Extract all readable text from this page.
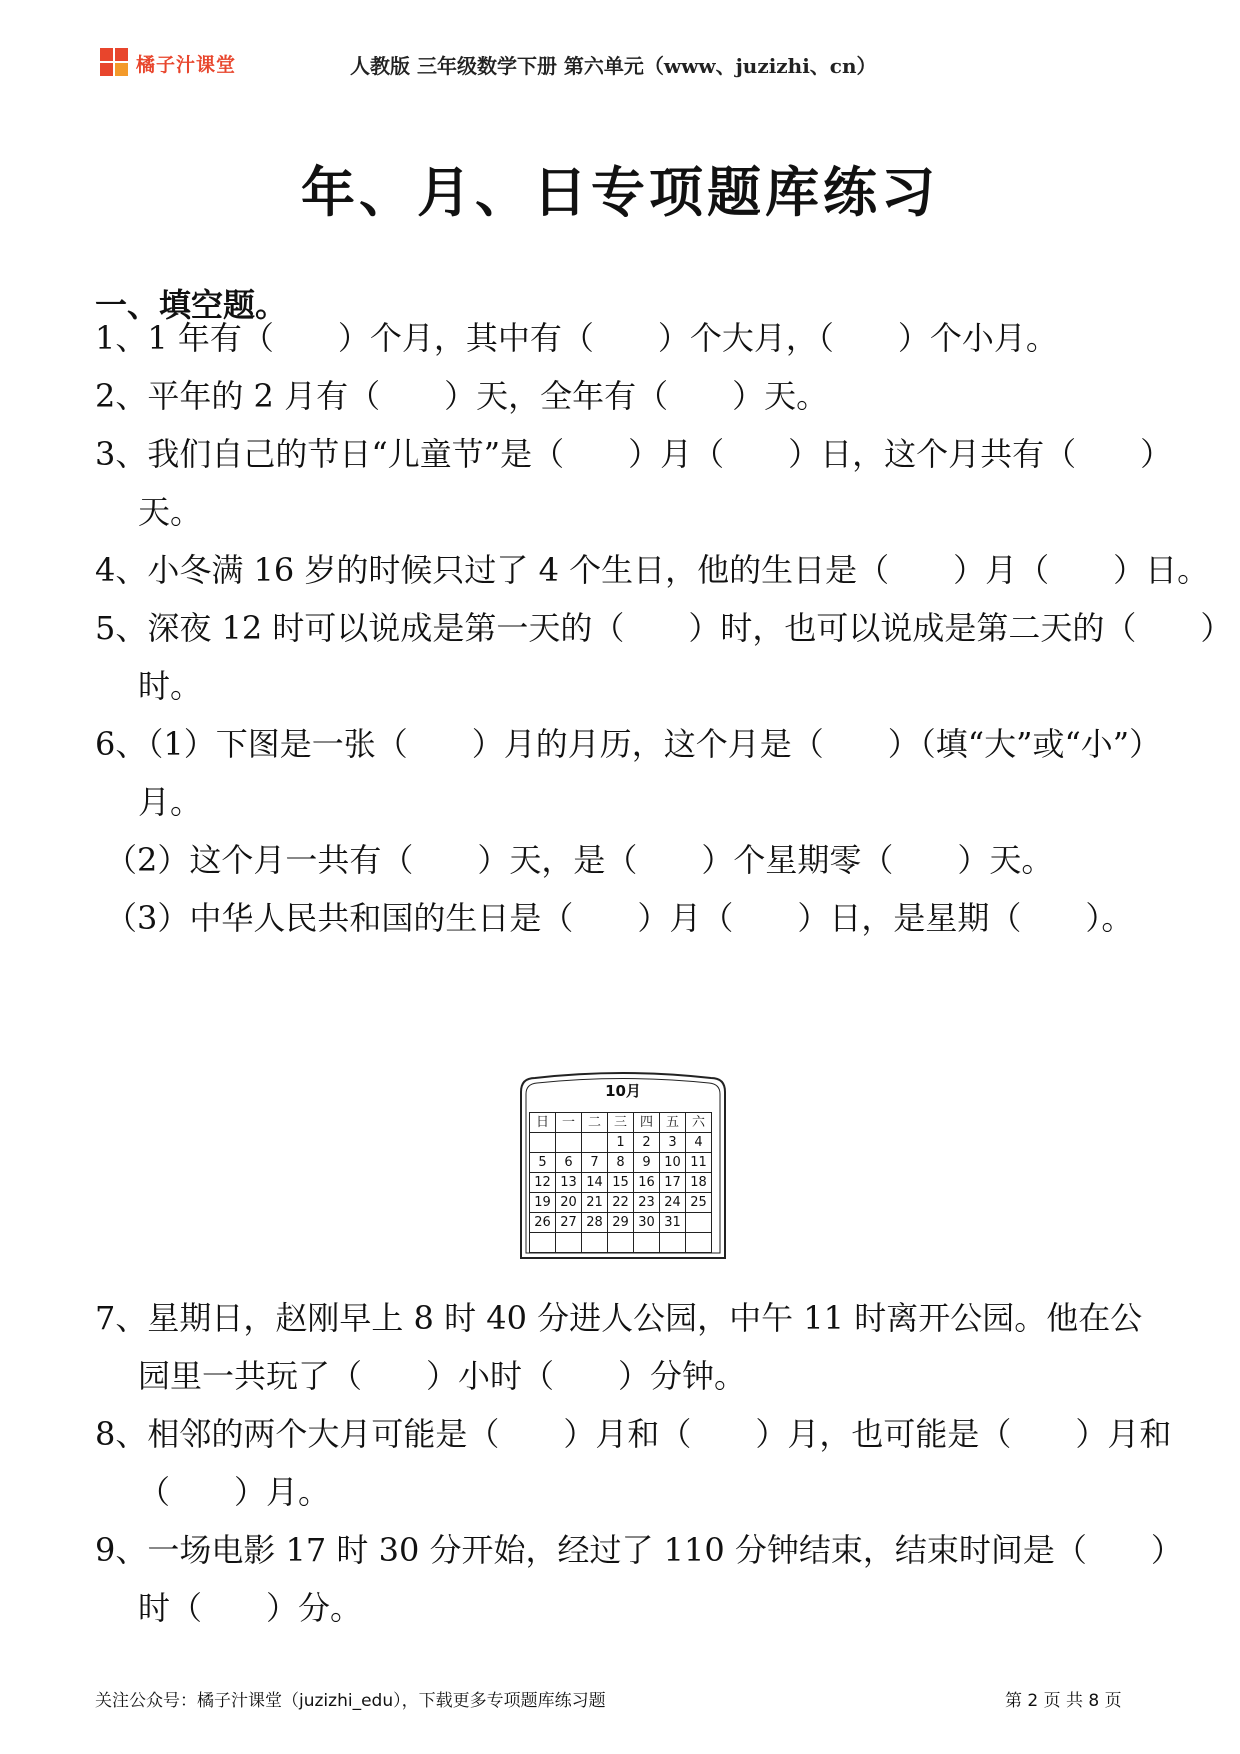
橘子汁课堂	人教版 三年级数学下册 第六单元（www、juzizhi、cn）
年、月、日专项题库练习
一、填空题。
1、1 年有（　　）个月，其中有（　　）个大月，（　　）个小月。
2、平年的 2 月有（　　）天，全年有（　　）天。
3、我们自己的节日“儿童节”是（　　）月（　　）日，这个月共有（　　）
天。
4、小冬满 16 岁的时候只过了 4 个生日，他的生日是（　　）月（　　）日。
5、深夜 12 时可以说成是第一天的（　　）时，也可以说成是第二天的（　　）
时。
6、（1）下图是一张（　　）月的月历，这个月是（　　）（填“大”或“小”）
月。
（2）这个月一共有（　　）天，是（　　）个星期零（　　）天。
（3）中华人民共和国的生日是（　　）月（　　）日，是星期（　　）。
10月
日	一	二	三	四	五	六
			1	2	3	4
5	6	7	8	9	10	11
12	13	14	15	16	17	18
19	20	21	22	23	24	25
26	27	28	29	30	31	

7、星期日，赵刚早上 8 时 40 分进人公园，中午 11 时离开公园。他在公
园里一共玩了（　　）小时（　　）分钟。
8、相邻的两个大月可能是（　　）月和（　　）月，也可能是（　　）月和
（　　）月。
9、一场电影 17 时 30 分开始，经过了 110 分钟结束，结束时间是（　　）
时（　　）分。
关注公众号：橘子汁课堂（juzizhi_edu），下载更多专项题库练习题	第 2 页 共 8 页
